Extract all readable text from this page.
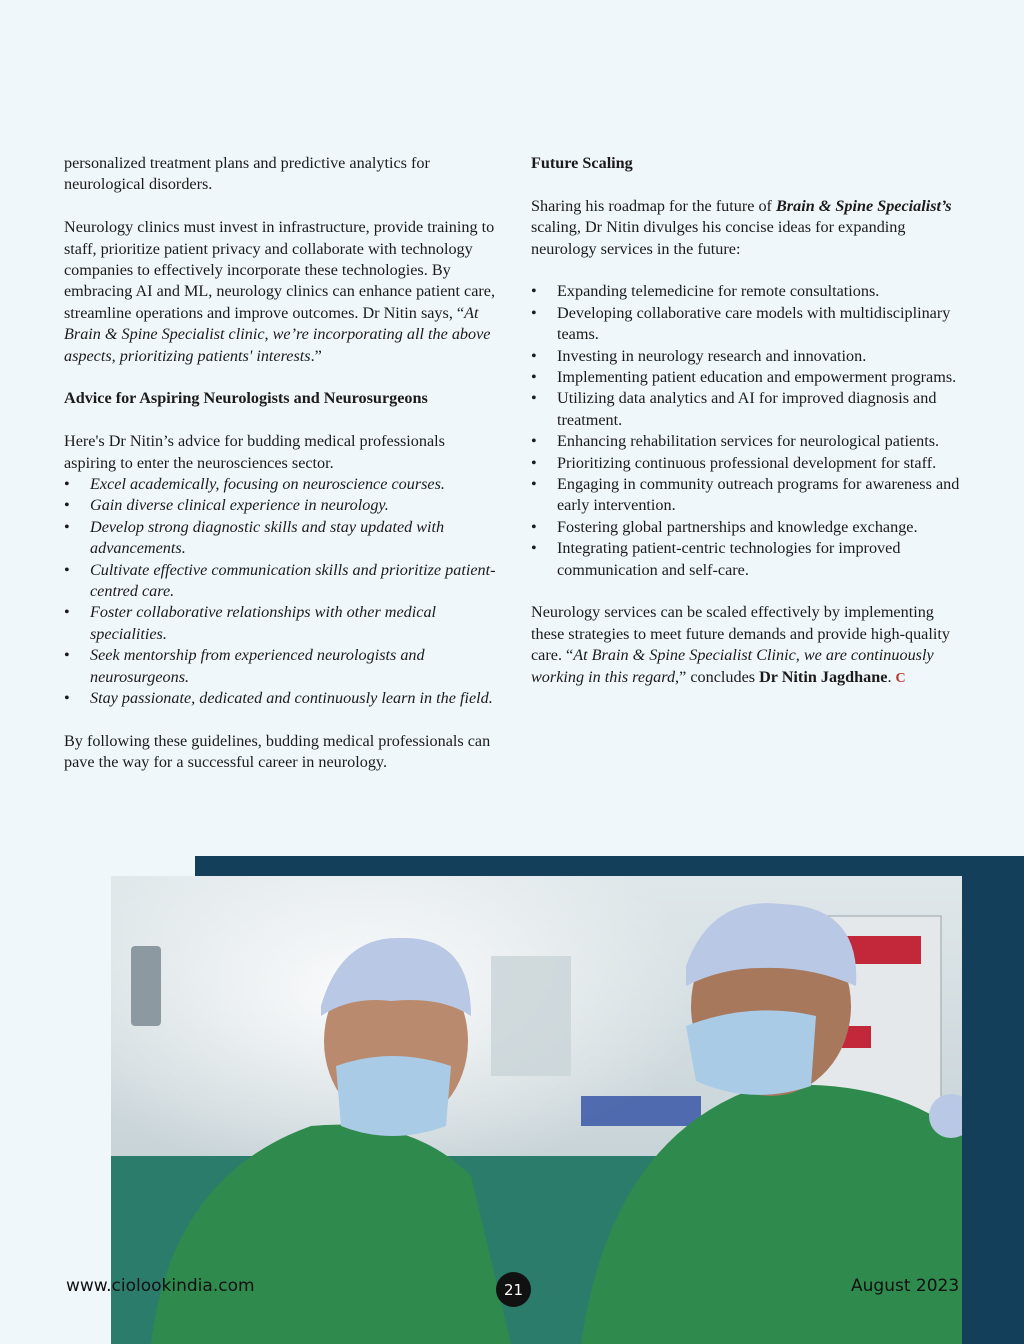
personalized treatment plans and predictive analytics for neurological disorders.

Neurology clinics must invest in infrastructure, provide training to staff, prioritize patient privacy and collaborate with technology companies to effectively incorporate these technologies. By embracing AI and ML, neurology clinics can enhance patient care, streamline operations and improve outcomes. Dr Nitin says, “At Brain & Spine Specialist clinic, we’re incorporating all the above aspects, prioritizing patients' interests.”

Advice for Aspiring Neurologists and Neurosurgeons

Here's Dr Nitin’s advice for budding medical professionals aspiring to enter the neurosciences sector.

• Excel academically, focusing on neuroscience courses.
• Gain diverse clinical experience in neurology.
• Develop strong diagnostic skills and stay updated with advancements.
• Cultivate effective communication skills and prioritize patient-centred care.
• Foster collaborative relationships with other medical specialities.
• Seek mentorship from experienced neurologists and neurosurgeons.
• Stay passionate, dedicated and continuously learn in the field.

By following these guidelines, budding medical professionals can pave the way for a successful career in neurology.

Future Scaling

Sharing his roadmap for the future of Brain & Spine Specialist’s scaling, Dr Nitin divulges his concise ideas for expanding neurology services in the future:

• Expanding telemedicine for remote consultations.
• Developing collaborative care models with multidisciplinary teams.
• Investing in neurology research and innovation.
• Implementing patient education and empowerment programs.
• Utilizing data analytics and AI for improved diagnosis and treatment.
• Enhancing rehabilitation services for neurological patients.
• Prioritizing continuous professional development for staff.
• Engaging in community outreach programs for awareness and early intervention.
• Fostering global partnerships and knowledge exchange.
• Integrating patient-centric technologies for improved communication and self-care.

Neurology services can be scaled effectively by implementing these strategies to meet future demands and provide high-quality care. “At Brain & Spine Specialist Clinic, we are continuously working in this regard,” concludes Dr Nitin Jagdhane. C

www.ciolookindia.com	21	August 2023
